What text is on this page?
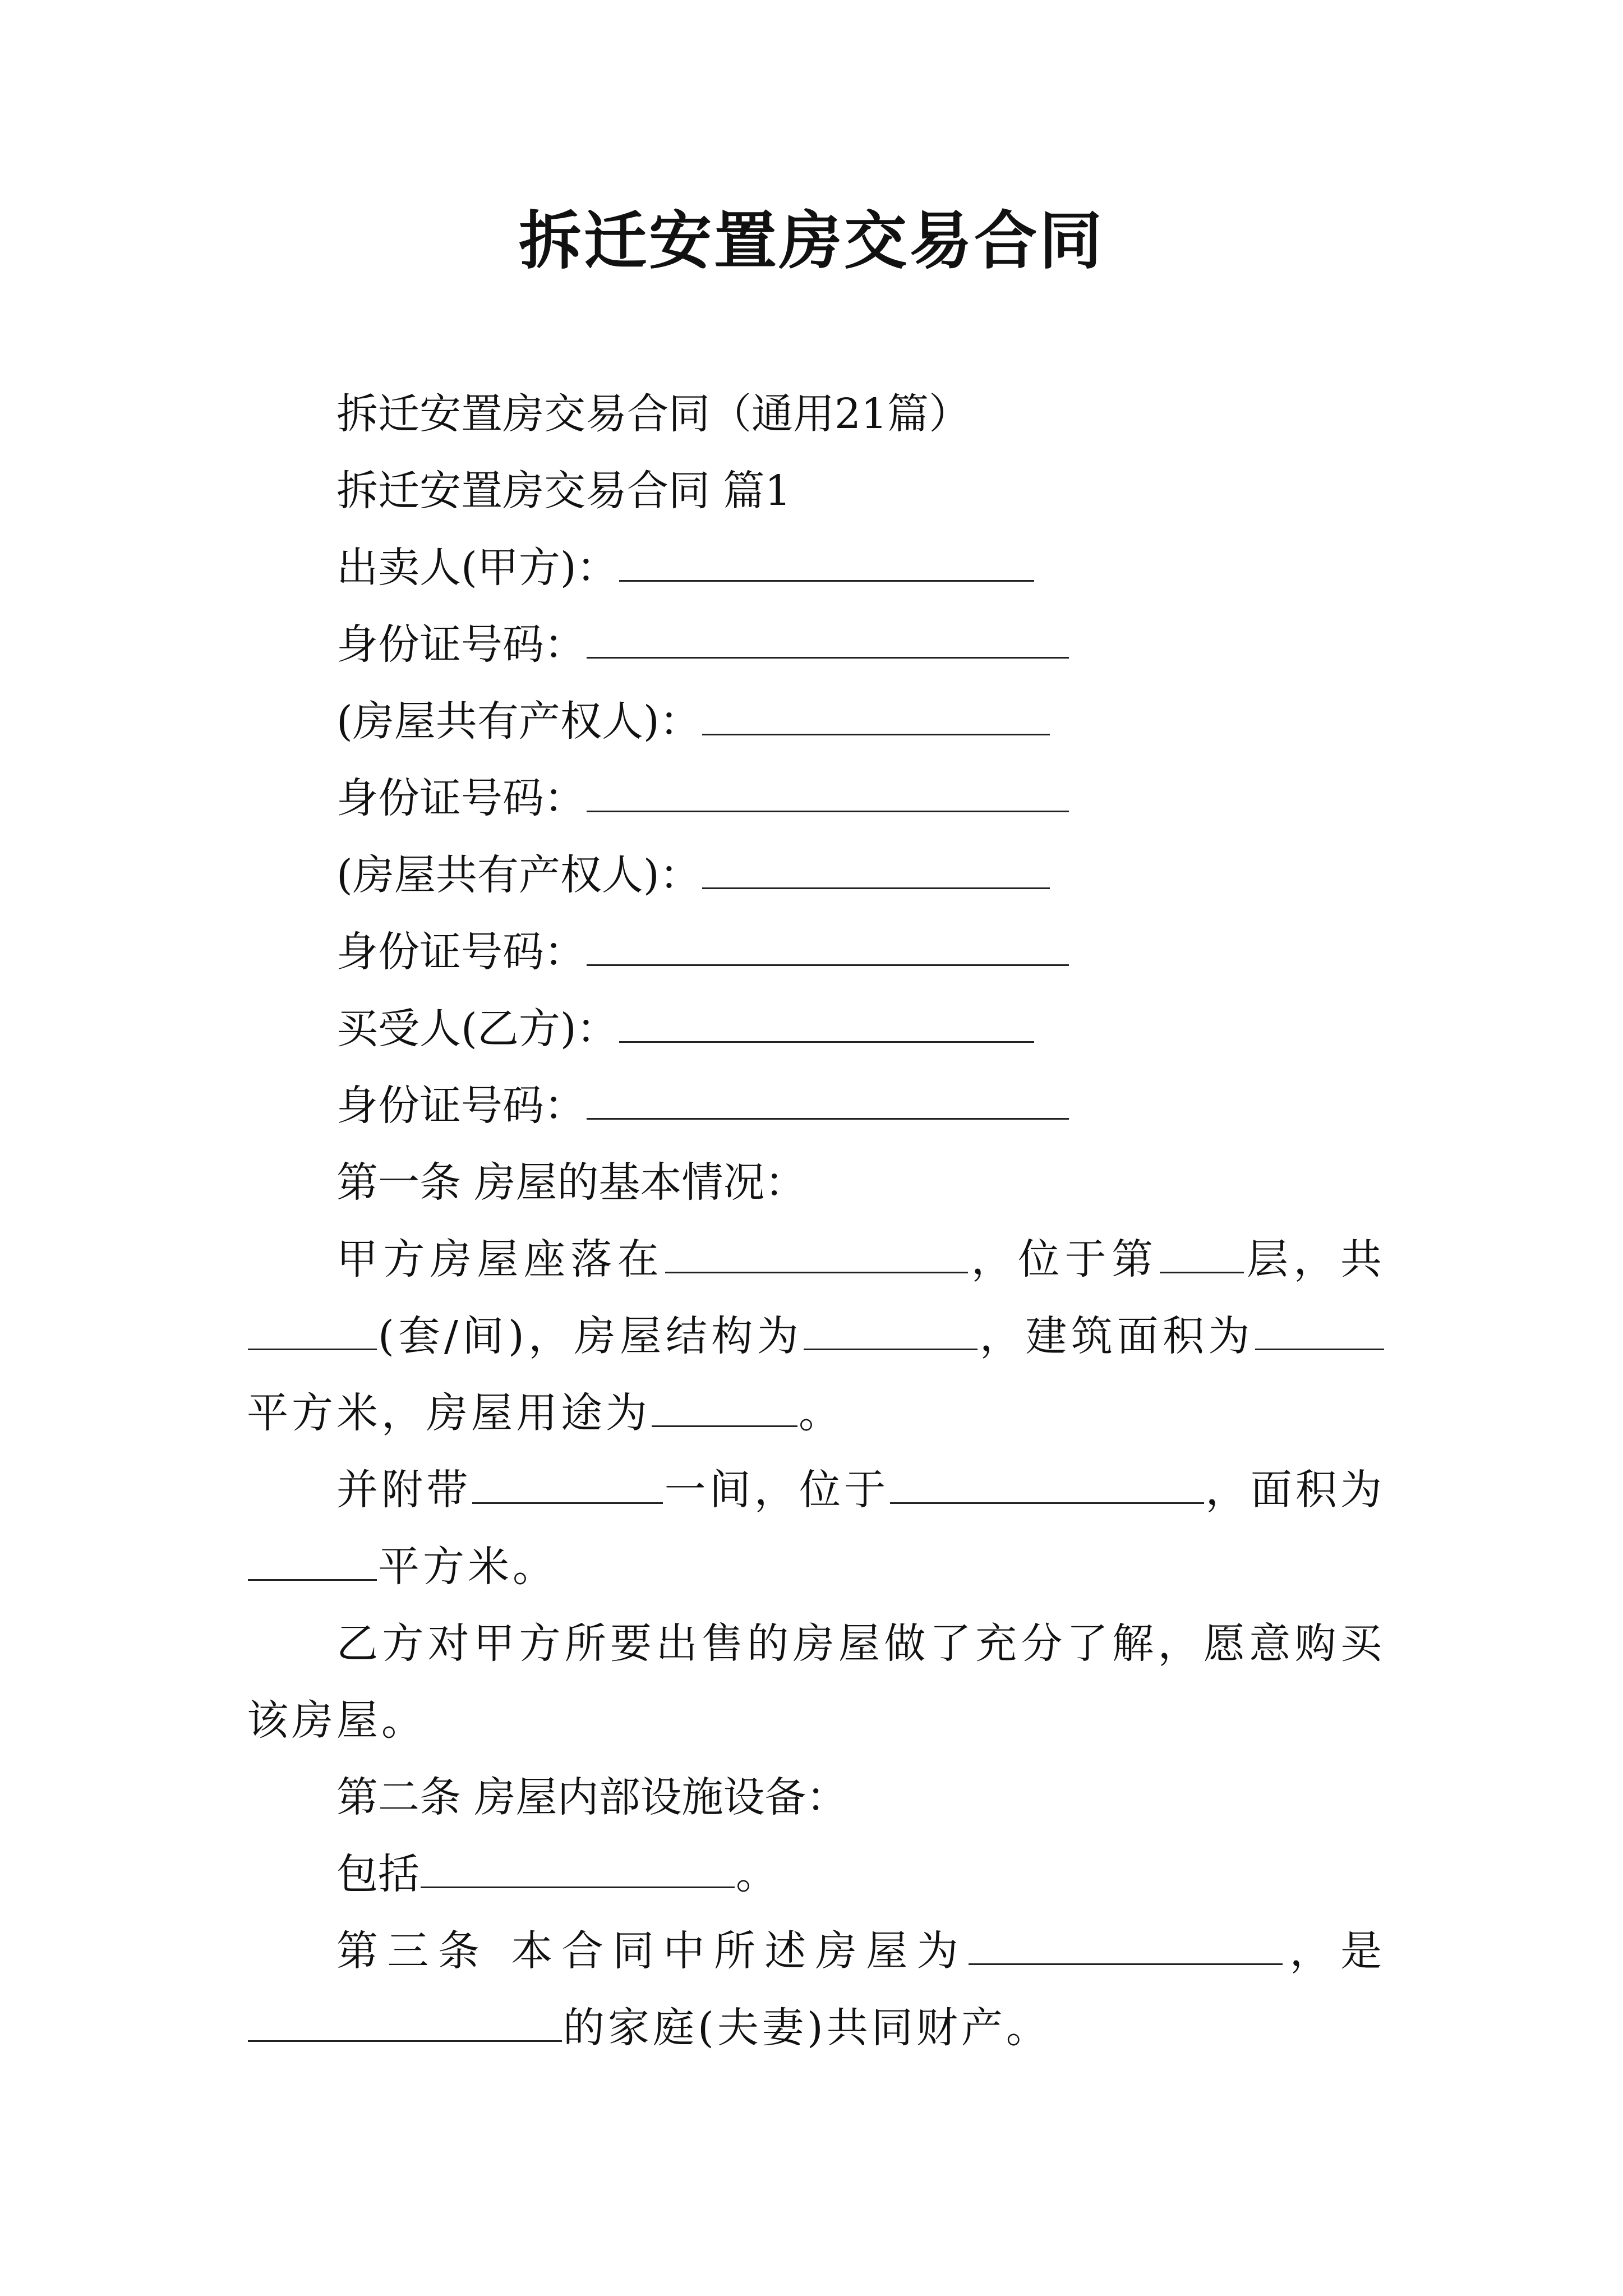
拆迁安置房交易合同

拆迁安置房交易合同（通用21篇）

拆迁安置房交易合同 篇1

出卖人(甲方)：

身份证号码：

(房屋共有产权人)：

身份证号码：

(房屋共有产权人)：

身份证号码：

买受人(乙方)：

身份证号码：

第一条 房屋的基本情况：

甲方房屋座落在	，位于第 层，共(套/间)，房屋结构为	，建筑面积为平方米，房屋用途为	。

并附带	一间，位于	，面积为平方米。

乙方对甲方所要出售的房屋做了充分了解，愿意购买该房屋。

第二条 房屋内部设施设备：

包括	。

第三条 本合同中所述房屋为	，是的家庭(夫妻)共同财产。
